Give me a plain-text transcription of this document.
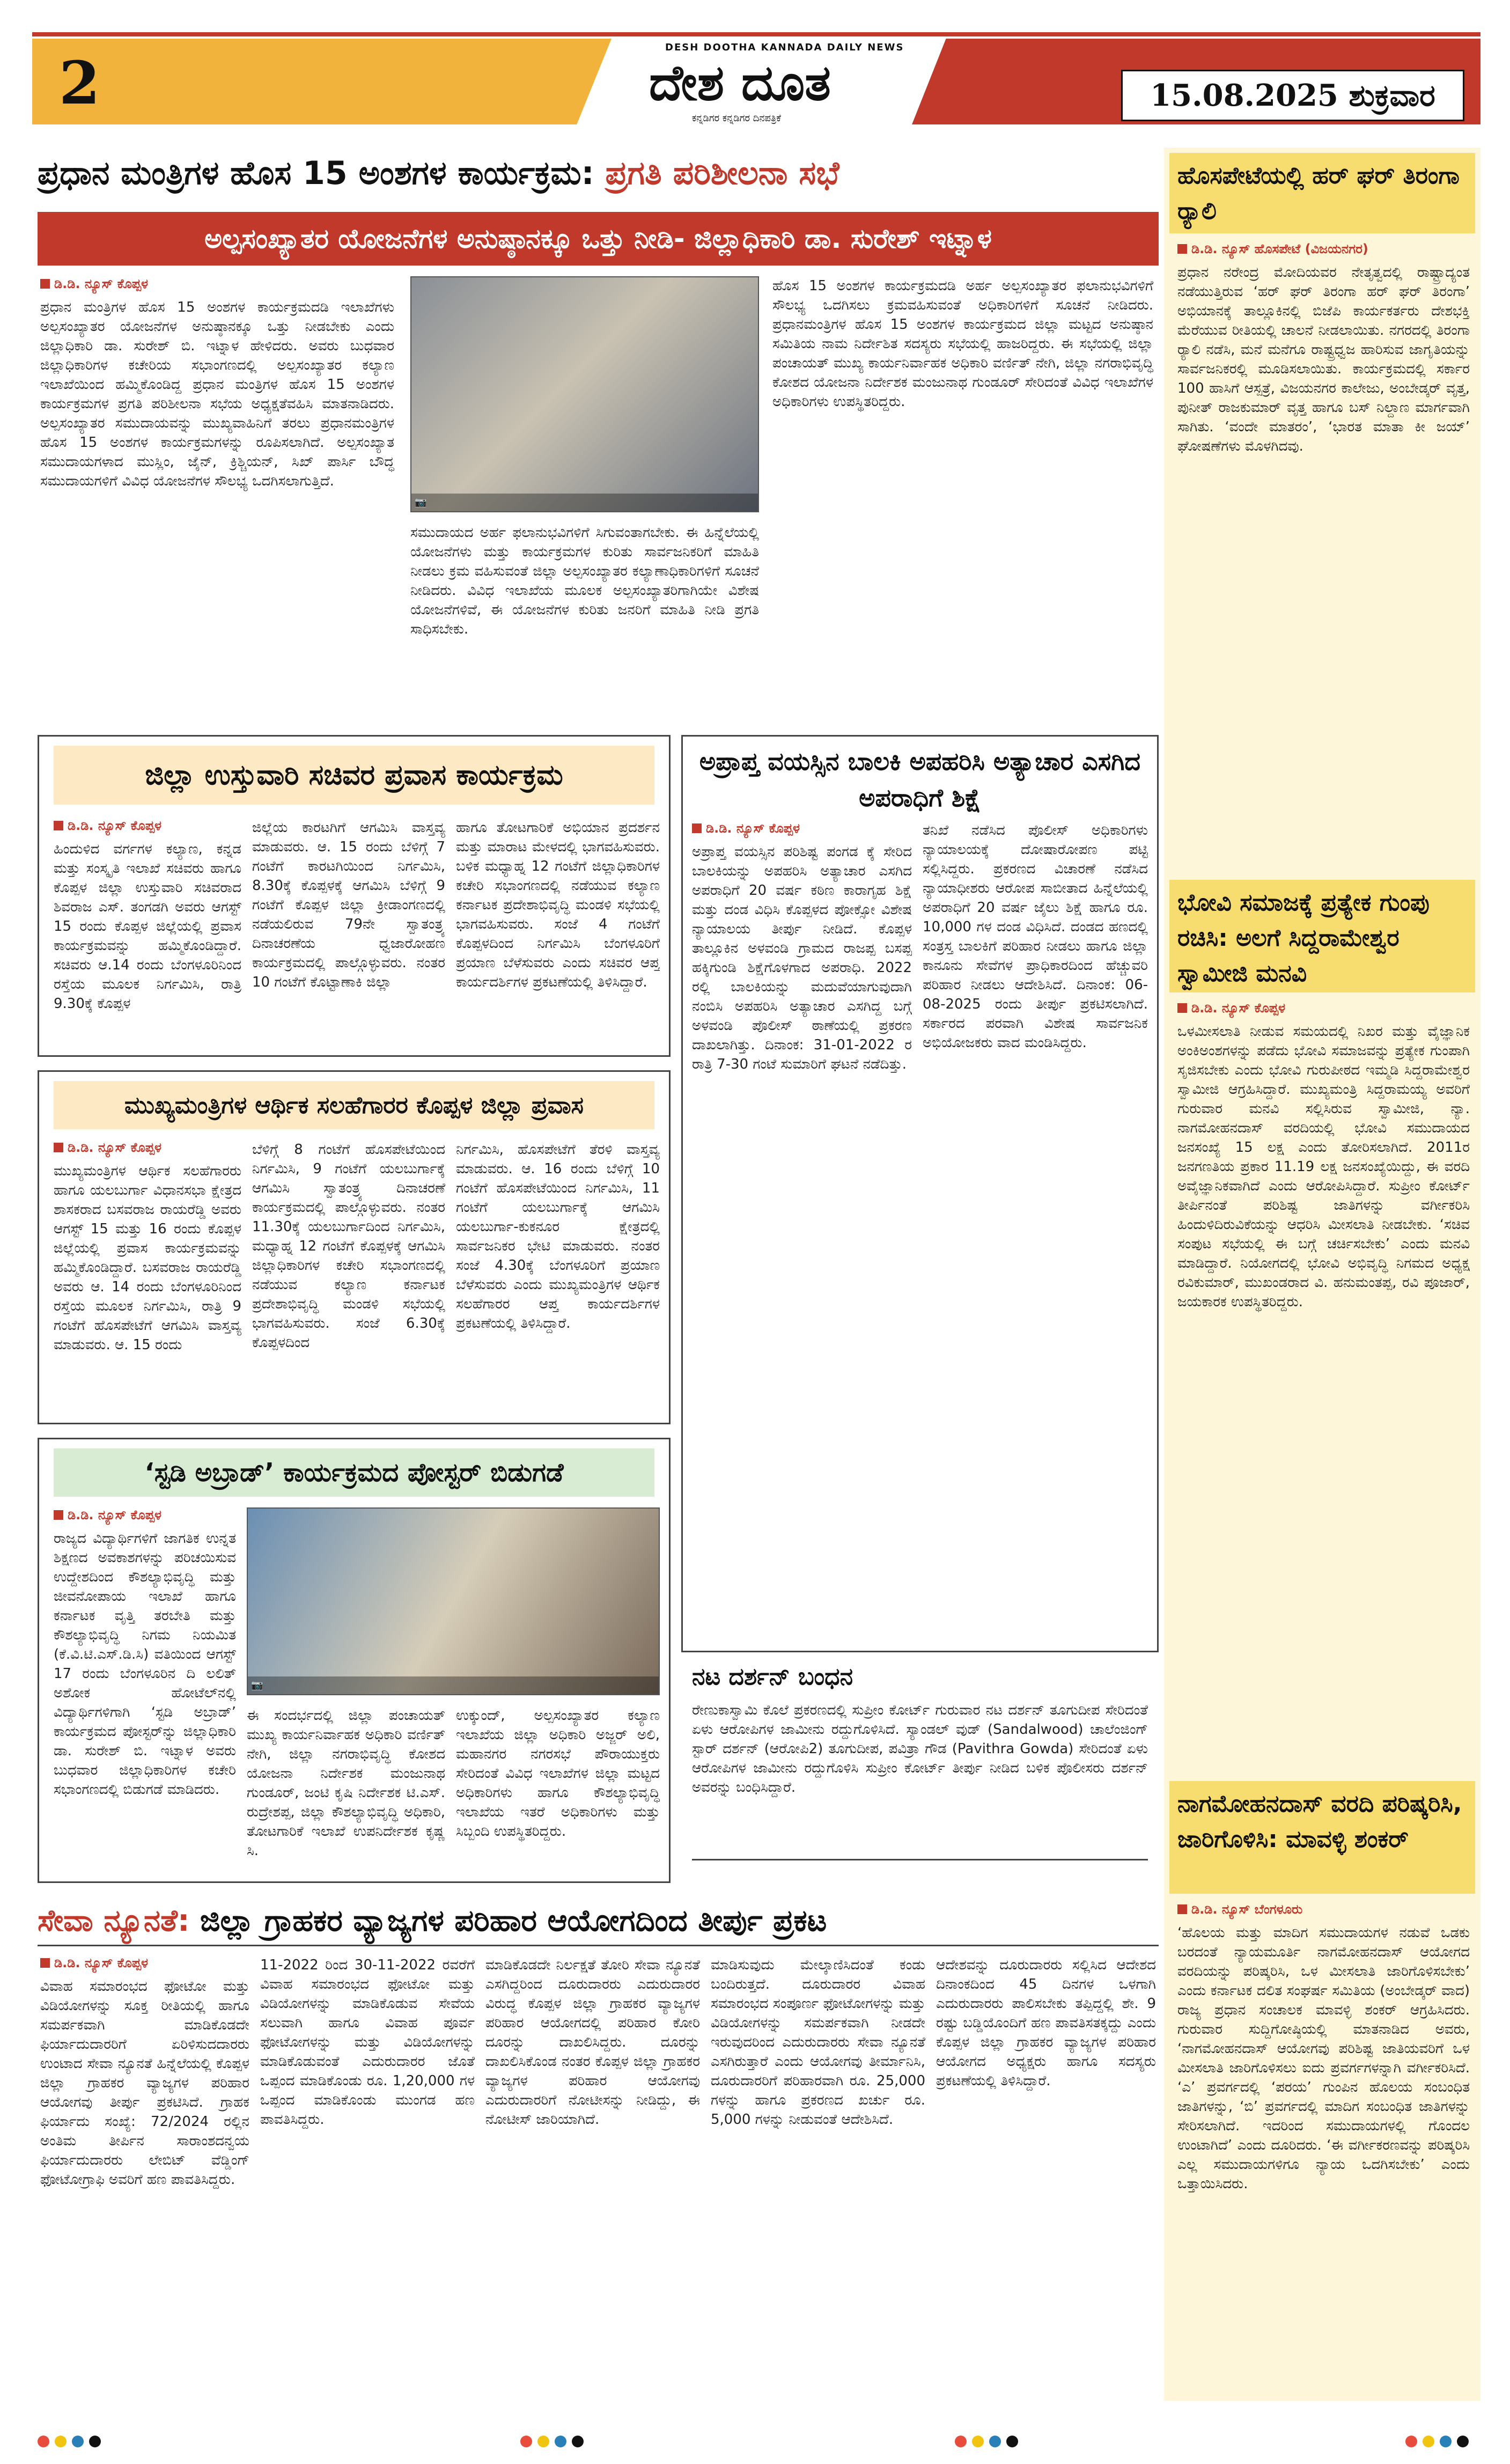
2
DESH DOOTHA KANNADA DAILY NEWS
ದೇಶ ದೂತ
ಕನ್ನಡಿಗರ ಕನ್ನಡಿಗರ ದಿನಪತ್ರಿಕೆ
15.08.2025 ಶುಕ್ರವಾರ
ಪ್ರಧಾನ ಮಂತ್ರಿಗಳ ಹೊಸ 15 ಅಂಶಗಳ ಕಾರ್ಯಕ್ರಮ: ಪ್ರಗತಿ ಪರಿಶೀಲನಾ ಸಭೆ
ಅಲ್ಪಸಂಖ್ಯಾತರ ಯೋಜನೆಗಳ ಅನುಷ್ಠಾನಕ್ಕೂ ಒತ್ತು ನೀಡಿ- ಜಿಲ್ಲಾಧಿಕಾರಿ ಡಾ. ಸುರೇಶ್ ಇಟ್ನಾಳ
ಡಿ.ಡಿ. ನ್ಯೂಸ್ ಕೊಪ್ಪಳ
ಪ್ರಧಾನ ಮಂತ್ರಿಗಳ ಹೊಸ 15 ಅಂಶಗಳ ಕಾರ್ಯಕ್ರಮದಡಿ ಇಲಾಖೆಗಳು ಅಲ್ಪಸಂಖ್ಯಾತರ ಯೋಜನೆಗಳ ಅನುಷ್ಠಾನಕ್ಕೂ ಒತ್ತು ನೀಡಬೇಕು ಎಂದು ಜಿಲ್ಲಾಧಿಕಾರಿ ಡಾ. ಸುರೇಶ್ ಬಿ. ಇಟ್ನಾಳ ಹೇಳಿದರು. ಅವರು ಬುಧವಾರ ಜಿಲ್ಲಾಧಿಕಾರಿಗಳ ಕಚೇರಿಯ ಸಭಾಂಗಣದಲ್ಲಿ ಅಲ್ಪಸಂಖ್ಯಾತರ ಕಲ್ಯಾಣ ಇಲಾಖೆಯಿಂದ ಹಮ್ಮಿಕೊಂಡಿದ್ದ ಪ್ರಧಾನ ಮಂತ್ರಿಗಳ ಹೊಸ 15 ಅಂಶಗಳ ಕಾರ್ಯಕ್ರಮಗಳ ಪ್ರಗತಿ ಪರಿಶೀಲನಾ ಸಭೆಯ ಅಧ್ಯಕ್ಷತೆವಹಿಸಿ ಮಾತನಾಡಿದರು. ಅಲ್ಪಸಂಖ್ಯಾತರ ಸಮುದಾಯವನ್ನು ಮುಖ್ಯವಾಹಿನಿಗೆ ತರಲು ಪ್ರಧಾನಮಂತ್ರಿಗಳ ಹೊಸ 15 ಅಂಶಗಳ ಕಾರ್ಯಕ್ರಮಗಳನ್ನು ರೂಪಿಸಲಾಗಿದೆ. ಅಲ್ಪಸಂಖ್ಯಾತ ಸಮುದಾಯಗಳಾದ ಮುಸ್ಲಿಂ, ಜೈನ್, ಕ್ರಿಶ್ಚಿಯನ್, ಸಿಖ್ ಪಾರ್ಸಿ ಬೌದ್ಧ ಸಮುದಾಯಗಳಿಗೆ ವಿವಿಧ ಯೋಜನೆಗಳ ಸೌಲಭ್ಯ ಒದಗಿಸಲಾಗುತ್ತಿದೆ.
📷
ಸಮುದಾಯದ ಅರ್ಹ ಫಲಾನುಭವಿಗಳಿಗೆ ಸಿಗುವಂತಾಗಬೇಕು. ಈ ಹಿನ್ನೆಲೆಯಲ್ಲಿ ಯೋಜನೆಗಳು ಮತ್ತು ಕಾರ್ಯಕ್ರಮಗಳ ಕುರಿತು ಸಾರ್ವಜನಿಕರಿಗೆ ಮಾಹಿತಿ ನೀಡಲು ಕ್ರಮ ವಹಿಸುವಂತೆ ಜಿಲ್ಲಾ ಅಲ್ಪಸಂಖ್ಯಾತರ ಕಲ್ಯಾಣಾಧಿಕಾರಿಗಳಿಗೆ ಸೂಚನೆ ನೀಡಿದರು. ವಿವಿಧ ಇಲಾಖೆಯ ಮೂಲಕ ಅಲ್ಪಸಂಖ್ಯಾತರಿಗಾಗಿಯೇ ವಿಶೇಷ ಯೋಜನೆಗಳಿವೆ, ಈ ಯೋಜನೆಗಳ ಕುರಿತು ಜನರಿಗೆ ಮಾಹಿತಿ ನೀಡಿ ಪ್ರಗತಿ ಸಾಧಿಸಬೇಕು.
ಹೊಸ 15 ಅಂಶಗಳ ಕಾರ್ಯಕ್ರಮದಡಿ ಅರ್ಹ ಅಲ್ಪಸಂಖ್ಯಾತರ ಫಲಾನುಭವಿಗಳಿಗೆ ಸೌಲಭ್ಯ ಒದಗಿಸಲು ಕ್ರಮವಹಿಸುವಂತೆ ಅಧಿಕಾರಿಗಳಿಗೆ ಸೂಚನೆ ನೀಡಿದರು. ಪ್ರಧಾನಮಂತ್ರಿಗಳ ಹೊಸ 15 ಅಂಶಗಳ ಕಾರ್ಯಕ್ರಮದ ಜಿಲ್ಲಾ ಮಟ್ಟದ ಅನುಷ್ಠಾನ ಸಮಿತಿಯ ನಾಮ ನಿರ್ದೇಶಿತ ಸದಸ್ಯರು ಸಭೆಯಲ್ಲಿ ಹಾಜರಿದ್ದರು. ಈ ಸಭೆಯಲ್ಲಿ ಜಿಲ್ಲಾ ಪಂಚಾಯತ್ ಮುಖ್ಯ ಕಾರ್ಯನಿರ್ವಾಹಕ ಅಧಿಕಾರಿ ವರ್ಣಿತ್ ನೇಗಿ, ಜಿಲ್ಲಾ ನಗರಾಭಿವೃದ್ಧಿ ಕೋಶದ ಯೋಜನಾ ನಿರ್ದೇಶಕ ಮಂಜುನಾಥ ಗುಂಡೂರ್ ಸೇರಿದಂತೆ ವಿವಿಧ ಇಲಾಖೆಗಳ ಅಧಿಕಾರಿಗಳು ಉಪಸ್ಥಿತರಿದ್ದರು.
ಜಿಲ್ಲಾ ಉಸ್ತುವಾರಿ ಸಚಿವರ ಪ್ರವಾಸ ಕಾರ್ಯಕ್ರಮ
ಡಿ.ಡಿ. ನ್ಯೂಸ್ ಕೊಪ್ಪಳ
ಹಿಂದುಳಿದ ವರ್ಗಗಳ ಕಲ್ಯಾಣ, ಕನ್ನಡ ಮತ್ತು ಸಂಸ್ಕೃತಿ ಇಲಾಖೆ ಸಚಿವರು ಹಾಗೂ ಕೊಪ್ಪಳ ಜಿಲ್ಲಾ ಉಸ್ತುವಾರಿ ಸಚಿವರಾದ ಶಿವರಾಜ ಎಸ್. ತಂಗಡಗಿ ಅವರು ಆಗಸ್ಟ್ 15 ರಂದು ಕೊಪ್ಪಳ ಜಿಲ್ಲೆಯಲ್ಲಿ ಪ್ರವಾಸ ಕಾರ್ಯಕ್ರಮವನ್ನು ಹಮ್ಮಿಕೊಂಡಿದ್ದಾರೆ. ಸಚಿವರು ಆ.14 ರಂದು ಬೆಂಗಳೂರಿನಿಂದ ರಸ್ತೆಯ ಮೂಲಕ ನಿರ್ಗಮಿಸಿ, ರಾತ್ರಿ 9.30ಕ್ಕೆ ಕೊಪ್ಪಳ
ಜಿಲ್ಲೆಯ ಕಾರಟಗಿಗೆ ಆಗಮಿಸಿ ವಾಸ್ತವ್ಯ ಮಾಡುವರು. ಆ. 15 ರಂದು ಬೆಳಿಗ್ಗೆ 7 ಗಂಟೆಗೆ ಕಾರಟಗಿಯಿಂದ ನಿರ್ಗಮಿಸಿ, 8.30ಕ್ಕೆ ಕೊಪ್ಪಳಕ್ಕೆ ಆಗಮಿಸಿ ಬೆಳಿಗ್ಗೆ 9 ಗಂಟೆಗೆ ಕೊಪ್ಪಳ ಜಿಲ್ಲಾ ಕ್ರೀಡಾಂಗಣದಲ್ಲಿ ನಡೆಯಲಿರುವ 79ನೇ ಸ್ವಾತಂತ್ರ್ಯ ದಿನಾಚರಣೆಯ ಧ್ವಜಾರೋಹಣ ಕಾರ್ಯಕ್ರಮದಲ್ಲಿ ಪಾಲ್ಗೊಳ್ಳುವರು. ನಂತರ 10 ಗಂಟೆಗೆ ಕೊಟ್ಟಾಣಾಕಿ ಜಿಲ್ಲಾ
ಹಾಗೂ ತೋಟಗಾರಿಕೆ ಅಭಿಯಾನ ಪ್ರದರ್ಶನ ಮತ್ತು ಮಾರಾಟ ಮೇಳದಲ್ಲಿ ಭಾಗವಹಿಸುವರು. ಬಳಿಕ ಮಧ್ಯಾಹ್ನ 12 ಗಂಟೆಗೆ ಜಿಲ್ಲಾಧಿಕಾರಿಗಳ ಕಚೇರಿ ಸಭಾಂಗಣದಲ್ಲಿ ನಡೆಯುವ ಕಲ್ಯಾಣ ಕರ್ನಾಟಕ ಪ್ರದೇಶಾಭಿವೃದ್ಧಿ ಮಂಡಳಿ ಸಭೆಯಲ್ಲಿ ಭಾಗವಹಿಸುವರು. ಸಂಜೆ 4 ಗಂಟೆಗೆ ಕೊಪ್ಪಳದಿಂದ ನಿರ್ಗಮಿಸಿ ಬೆಂಗಳೂರಿಗೆ ಪ್ರಯಾಣ ಬೆಳೆಸುವರು ಎಂದು ಸಚಿವರ ಆಪ್ತ ಕಾರ್ಯದರ್ಶಿಗಳ ಪ್ರಕಟಣೆಯಲ್ಲಿ ತಿಳಿಸಿದ್ದಾರೆ.
ಮುಖ್ಯಮಂತ್ರಿಗಳ ಆರ್ಥಿಕ ಸಲಹೆಗಾರರ ಕೊಪ್ಪಳ ಜಿಲ್ಲಾ ಪ್ರವಾಸ
ಡಿ.ಡಿ. ನ್ಯೂಸ್ ಕೊಪ್ಪಳ
ಮುಖ್ಯಮಂತ್ರಿಗಳ ಆರ್ಥಿಕ ಸಲಹೆಗಾರರು ಹಾಗೂ ಯಲಬುರ್ಗಾ ವಿಧಾನಸಭಾ ಕ್ಷೇತ್ರದ ಶಾಸಕರಾದ ಬಸವರಾಜ ರಾಯರೆಡ್ಡಿ ಅವರು ಆಗಸ್ಟ್ 15 ಮತ್ತು 16 ರಂದು ಕೊಪ್ಪಳ ಜಿಲ್ಲೆಯಲ್ಲಿ ಪ್ರವಾಸ ಕಾರ್ಯಕ್ರಮವನ್ನು ಹಮ್ಮಿಕೊಂಡಿದ್ದಾರೆ. ಬಸವರಾಜ ರಾಯರೆಡ್ಡಿ ಅವರು ಆ. 14 ರಂದು ಬೆಂಗಳೂರಿನಿಂದ ರಸ್ತೆಯ ಮೂಲಕ ನಿರ್ಗಮಿಸಿ, ರಾತ್ರಿ 9 ಗಂಟೆಗೆ ಹೊಸಪೇಟೆಗೆ ಆಗಮಿಸಿ ವಾಸ್ತವ್ಯ ಮಾಡುವರು. ಆ. 15 ರಂದು
ಬೆಳಿಗ್ಗೆ 8 ಗಂಟೆಗೆ ಹೊಸಪೇಟೆಯಿಂದ ನಿರ್ಗಮಿಸಿ, 9 ಗಂಟೆಗೆ ಯಲಬುರ್ಗಾಕ್ಕೆ ಆಗಮಿಸಿ ಸ್ವಾತಂತ್ರ್ಯ ದಿನಾಚರಣೆ ಕಾರ್ಯಕ್ರಮದಲ್ಲಿ ಪಾಲ್ಗೊಳ್ಳುವರು. ನಂತರ 11.30ಕ್ಕೆ ಯಲಬುರ್ಗಾದಿಂದ ನಿರ್ಗಮಿಸಿ, ಮಧ್ಯಾಹ್ನ 12 ಗಂಟೆಗೆ ಕೊಪ್ಪಳಕ್ಕೆ ಆಗಮಿಸಿ ಜಿಲ್ಲಾಧಿಕಾರಿಗಳ ಕಚೇರಿ ಸಭಾಂಗಣದಲ್ಲಿ ನಡೆಯುವ ಕಲ್ಯಾಣ ಕರ್ನಾಟಕ ಪ್ರದೇಶಾಭಿವೃದ್ಧಿ ಮಂಡಳಿ ಸಭೆಯಲ್ಲಿ ಭಾಗವಹಿಸುವರು. ಸಂಜೆ 6.30ಕ್ಕೆ ಕೊಪ್ಪಳದಿಂದ
ನಿರ್ಗಮಿಸಿ, ಹೊಸಪೇಟೆಗೆ ತೆರಳಿ ವಾಸ್ತವ್ಯ ಮಾಡುವರು. ಆ. 16 ರಂದು ಬೆಳಿಗ್ಗೆ 10 ಗಂಟೆಗೆ ಹೊಸಪೇಟೆಯಿಂದ ನಿರ್ಗಮಿಸಿ, 11 ಗಂಟೆಗೆ ಯಲಬುರ್ಗಾಕ್ಕೆ ಆಗಮಿಸಿ ಯಲಬುರ್ಗಾ-ಕುಕನೂರ ಕ್ಷೇತ್ರದಲ್ಲಿ ಸಾರ್ವಜನಿಕರ ಭೇಟಿ ಮಾಡುವರು. ನಂತರ ಸಂಜೆ 4.30ಕ್ಕೆ ಬೆಂಗಳೂರಿಗೆ ಪ್ರಯಾಣ ಬೆಳೆಸುವರು ಎಂದು ಮುಖ್ಯಮಂತ್ರಿಗಳ ಆರ್ಥಿಕ ಸಲಹೆಗಾರರ ಆಪ್ತ ಕಾರ್ಯದರ್ಶಿಗಳ ಪ್ರಕಟಣೆಯಲ್ಲಿ ತಿಳಿಸಿದ್ದಾರೆ.
‘ಸ್ಟಡಿ ಅಬ್ರಾಡ್’ ಕಾರ್ಯಕ್ರಮದ ಪೋಸ್ಟರ್ ಬಿಡುಗಡೆ
ಡಿ.ಡಿ. ನ್ಯೂಸ್ ಕೊಪ್ಪಳ
ರಾಜ್ಯದ ವಿದ್ಯಾರ್ಥಿಗಳಿಗೆ ಜಾಗತಿಕ ಉನ್ನತ ಶಿಕ್ಷಣದ ಅವಕಾಶಗಳನ್ನು ಪರಿಚಯಿಸುವ ಉದ್ದೇಶದಿಂದ ಕೌಶಲ್ಯಾಭಿವೃದ್ಧಿ ಮತ್ತು ಜೀವನೋಪಾಯ ಇಲಾಖೆ ಹಾಗೂ ಕರ್ನಾಟಕ ವೃತ್ತಿ ತರಬೇತಿ ಮತ್ತು ಕೌಶಲ್ಯಾಭಿವೃದ್ಧಿ ನಿಗಮ ನಿಯಮಿತ (ಕೆ.ವಿ.ಟಿ.ಎಸ್.ಡಿ.ಸಿ) ವತಿಯಿಂದ ಆಗಸ್ಟ್ 17 ರಂದು ಬೆಂಗಳೂರಿನ ದಿ ಲಲಿತ್ ಅಶೋಕ ಹೋಟೆಲ್‌ನಲ್ಲಿ ವಿದ್ಯಾರ್ಥಿಗಳಿಗಾಗಿ ‘ಸ್ಟಡಿ ಅಬ್ರಾಡ್’ ಕಾರ್ಯಕ್ರಮದ ಪೋಸ್ಟರ್‌ನ್ನು ಜಿಲ್ಲಾಧಿಕಾರಿ ಡಾ. ಸುರೇಶ್ ಬಿ. ಇಟ್ನಾಳ ಅವರು ಬುಧವಾರ ಜಿಲ್ಲಾಧಿಕಾರಿಗಳ ಕಚೇರಿ ಸಭಾಂಗಣದಲ್ಲಿ ಬಿಡುಗಡೆ ಮಾಡಿದರು.
📷
ಈ ಸಂದರ್ಭದಲ್ಲಿ ಜಿಲ್ಲಾ ಪಂಚಾಯತ್ ಮುಖ್ಯ ಕಾರ್ಯನಿರ್ವಾಹಕ ಅಧಿಕಾರಿ ವರ್ಣಿತ್ ನೇಗಿ, ಜಿಲ್ಲಾ ನಗರಾಭಿವೃದ್ಧಿ ಕೋಶದ ಯೋಜನಾ ನಿರ್ದೇಶಕ ಮಂಜುನಾಥ ಗುಂಡೂರ್, ಜಂಟಿ ಕೃಷಿ ನಿರ್ದೇಶಕ ಟಿ.ಎಸ್. ರುದ್ರೇಶಪ್ಪ, ಜಿಲ್ಲಾ ಕೌಶಲ್ಯಾಭಿವೃದ್ಧಿ ಅಧಿಕಾರಿ, ತೋಟಗಾರಿಕೆ ಇಲಾಖೆ ಉಪನಿರ್ದೇಶಕ ಕೃಷ್ಣ ಸಿ.
ಉಕ್ಕುಂದ್, ಅಲ್ಪಸಂಖ್ಯಾತರ ಕಲ್ಯಾಣ ಇಲಾಖೆಯ ಜಿಲ್ಲಾ ಅಧಿಕಾರಿ ಅಜ್ಜರ್ ಅಲಿ, ಮಹಾನಗರ ನಗರಸಭೆ ಪೌರಾಯುಕ್ತರು ಸೇರಿದಂತೆ ವಿವಿಧ ಇಲಾಖೆಗಳ ಜಿಲ್ಲಾ ಮಟ್ಟದ ಅಧಿಕಾರಿಗಳು ಹಾಗೂ ಕೌಶಲ್ಯಾಭಿವೃದ್ಧಿ ಇಲಾಖೆಯ ಇತರೆ ಅಧಿಕಾರಿಗಳು ಮತ್ತು ಸಿಬ್ಬಂದಿ ಉಪಸ್ಥಿತರಿದ್ದರು.
ಅಪ್ರಾಪ್ತ ವಯಸ್ಸಿನ ಬಾಲಕಿ ಅಪಹರಿಸಿ ಅತ್ಯಾಚಾರ ಎಸಗಿದ ಅಪರಾಧಿಗೆ ಶಿಕ್ಷೆ
ಡಿ.ಡಿ. ನ್ಯೂಸ್ ಕೊಪ್ಪಳ
ಅಪ್ರಾಪ್ತ ವಯಸ್ಸಿನ ಪರಿಶಿಷ್ಟ ಪಂಗಡ ಕ್ಕೆ ಸೇರಿದ ಬಾಲಕಿಯನ್ನು ಅಪಹರಿಸಿ ಅತ್ಯಾಚಾರ ಎಸಗಿದ ಅಪರಾಧಿಗೆ 20 ವರ್ಷ ಕಠಿಣ ಕಾರಾಗೃಹ ಶಿಕ್ಷೆ ಮತ್ತು ದಂಡ ವಿಧಿಸಿ ಕೊಪ್ಪಳದ ಪೋಕ್ಸೋ ವಿಶೇಷ ನ್ಯಾಯಾಲಯ ತೀರ್ಪು ನೀಡಿದೆ. ಕೊಪ್ಪಳ ತಾಲ್ಲೂಕಿನ ಅಳವಂಡಿ ಗ್ರಾಮದ ರಾಜಪ್ಪ ಬಸಪ್ಪ ಹಕ್ಕಿಗುಂಡಿ ಶಿಕ್ಷೆಗೊಳಗಾದ ಅಪರಾಧಿ. 2022 ರಲ್ಲಿ ಬಾಲಕಿಯನ್ನು ಮದುವೆಯಾಗುವುದಾಗಿ ನಂಬಿಸಿ ಅಪಹರಿಸಿ ಅತ್ಯಾಚಾರ ಎಸಗಿದ್ದ ಬಗ್ಗೆ ಅಳವಂಡಿ ಪೊಲೀಸ್ ಠಾಣೆಯಲ್ಲಿ ಪ್ರಕರಣ ದಾಖಲಾಗಿತ್ತು. ದಿನಾಂಕ: 31-01-2022 ರ ರಾತ್ರಿ 7-30 ಗಂಟೆ ಸುಮಾರಿಗೆ ಘಟನೆ ನಡೆದಿತ್ತು.
ತನಿಖೆ ನಡೆಸಿದ ಪೊಲೀಸ್ ಅಧಿಕಾರಿಗಳು ನ್ಯಾಯಾಲಯಕ್ಕೆ ದೋಷಾರೋಪಣ ಪಟ್ಟಿ ಸಲ್ಲಿಸಿದ್ದರು. ಪ್ರಕರಣದ ವಿಚಾರಣೆ ನಡೆಸಿದ ನ್ಯಾಯಾಧೀಶರು ಆರೋಪ ಸಾಬೀತಾದ ಹಿನ್ನೆಲೆಯಲ್ಲಿ ಅಪರಾಧಿಗೆ 20 ವರ್ಷ ಜೈಲು ಶಿಕ್ಷೆ ಹಾಗೂ ರೂ. 10,000 ಗಳ ದಂಡ ವಿಧಿಸಿದೆ. ದಂಡದ ಹಣದಲ್ಲಿ ಸಂತ್ರಸ್ತ ಬಾಲಕಿಗೆ ಪರಿಹಾರ ನೀಡಲು ಹಾಗೂ ಜಿಲ್ಲಾ ಕಾನೂನು ಸೇವೆಗಳ ಪ್ರಾಧಿಕಾರದಿಂದ ಹೆಚ್ಚುವರಿ ಪರಿಹಾರ ನೀಡಲು ಆದೇಶಿಸಿದೆ. ದಿನಾಂಕ: 06-08-2025 ರಂದು ತೀರ್ಪು ಪ್ರಕಟಿಸಲಾಗಿದೆ. ಸರ್ಕಾರದ ಪರವಾಗಿ ವಿಶೇಷ ಸಾರ್ವಜನಿಕ ಅಭಿಯೋಜಕರು ವಾದ ಮಂಡಿಸಿದ್ದರು.
ನಟ ದರ್ಶನ್ ಬಂಧನ
ರೇಣುಕಾಸ್ವಾಮಿ ಕೊಲೆ ಪ್ರಕರಣದಲ್ಲಿ ಸುಪ್ರೀಂ ಕೋರ್ಟ್ ಗುರುವಾರ ನಟ ದರ್ಶನ್ ತೂಗುದೀಪ ಸೇರಿದಂತೆ ಏಳು ಆರೋಪಿಗಳ ಜಾಮೀನು ರದ್ದುಗೊಳಿಸಿದೆ. ಸ್ಯಾಂಡಲ್ ವುಡ್ (Sandalwood) ಚಾಲೆಂಜಿಂಗ್ ಸ್ಟಾರ್ ದರ್ಶನ್ (ಆರೋಪಿ2) ತೂಗುದೀಪ, ಪವಿತ್ರಾ ಗೌಡ (Pavithra Gowda) ಸೇರಿದಂತೆ ಏಳು ಆರೋಪಿಗಳ ಜಾಮೀನು ರದ್ದುಗೊಳಿಸಿ ಸುಪ್ರೀಂ ಕೋರ್ಟ್ ತೀರ್ಪು ನೀಡಿದ ಬಳಿಕ ಪೊಲೀಸರು ದರ್ಶನ್ ಅವರನ್ನು ಬಂಧಿಸಿದ್ದಾರೆ.
ಸೇವಾ ನ್ಯೂನತೆ: ಜಿಲ್ಲಾ ಗ್ರಾಹಕರ ವ್ಯಾಜ್ಯಗಳ ಪರಿಹಾರ ಆಯೋಗದಿಂದ ತೀರ್ಪು ಪ್ರಕಟ
ಡಿ.ಡಿ. ನ್ಯೂಸ್ ಕೊಪ್ಪಳ
ವಿವಾಹ ಸಮಾರಂಭದ ಫೋಟೋ ಮತ್ತು ವಿಡಿಯೋಗಳನ್ನು ಸೂಕ್ತ ರೀತಿಯಲ್ಲಿ ಹಾಗೂ ಸಮರ್ಪಕವಾಗಿ ಮಾಡಿಕೊಡದೇ ಫಿರ್ಯಾದುದಾರರಿಗೆ ಏರಿಳಿಸುದದಾರರು ಉಂಟಾದ ಸೇವಾ ನ್ಯೂನತೆ ಹಿನ್ನೆಲೆಯಲ್ಲಿ ಕೊಪ್ಪಳ ಜಿಲ್ಲಾ ಗ್ರಾಹಕರ ವ್ಯಾಜ್ಯಗಳ ಪರಿಹಾರ ಆಯೋಗವು ತೀರ್ಪು ಪ್ರಕಟಿಸಿದೆ. ಗ್ರಾಹಕ ಫಿರ್ಯಾದು ಸಂಖ್ಯೆ: 72/2024 ರಲ್ಲಿನ ಅಂತಿಮ ತೀರ್ಪಿನ ಸಾರಾಂಶದನ್ವಯ ಫಿರ್ಯಾದುದಾರರು ಲೇಬಿಟ್ ವೆಡ್ಡಿಂಗ್ ಫೋಟೋಗ್ರಾಫಿ ಅವರಿಗೆ ಹಣ ಪಾವತಿಸಿದ್ದರು.
11-2022 ರಿಂದ 30-11-2022 ರವರೆಗೆ ವಿವಾಹ ಸಮಾರಂಭದ ಫೋಟೋ ಮತ್ತು ವಿಡಿಯೋಗಳನ್ನು ಮಾಡಿಕೊಡುವ ಸೇವೆಯ ಸಲುವಾಗಿ ಹಾಗೂ ವಿವಾಹ ಪೂರ್ವ ಫೋಟೋಗಳನ್ನು ಮತ್ತು ವಿಡಿಯೋಗಳನ್ನು ಮಾಡಿಕೊಡುವಂತೆ ಎದುರುದಾರರ ಜೊತೆ ಒಪ್ಪಂದ ಮಾಡಿಕೊಂಡು ರೂ. 1,20,000 ಗಳ ಒಪ್ಪಂದ ಮಾಡಿಕೊಂಡು ಮುಂಗಡ ಹಣ ಪಾವತಿಸಿದ್ದರು.
ಮಾಡಿಕೊಡದೇ ನಿರ್ಲಕ್ಷತೆ ತೋರಿ ಸೇವಾ ನ್ಯೂನತೆ ಎಸಗಿದ್ದರಿಂದ ದೂರುದಾರರು ಎದುರುದಾರರ ವಿರುದ್ಧ ಕೊಪ್ಪಳ ಜಿಲ್ಲಾ ಗ್ರಾಹಕರ ವ್ಯಾಜ್ಯಗಳ ಪರಿಹಾರ ಆಯೋಗದಲ್ಲಿ ಪರಿಹಾರ ಕೋರಿ ದೂರನ್ನು ದಾಖಲಿಸಿದ್ದರು. ದೂರನ್ನು ದಾಖಲಿಸಿಕೊಂಡ ನಂತರ ಕೊಪ್ಪಳ ಜಿಲ್ಲಾ ಗ್ರಾಹಕರ ವ್ಯಾಜ್ಯಗಳ ಪರಿಹಾರ ಆಯೋಗವು ಎದುರುದಾರರಿಗೆ ನೋಟೀಸನ್ನು ನೀಡಿದ್ದು, ಈ ನೋಟೀಸ್ ಜಾರಿಯಾಗಿದೆ.
ಮಾಡಿಸುವುದು ಮೇಲ್ಕಾಣಿಸಿದಂತೆ ಕಂಡು ಬಂದಿರುತ್ತದೆ. ದೂರುದಾರರ ವಿವಾಹ ಸಮಾರಂಭದ ಸಂಪೂರ್ಣ ಫೋಟೋಗಳನ್ನು ಮತ್ತು ವಿಡಿಯೋಗಳನ್ನು ಸಮರ್ಪಕವಾಗಿ ನೀಡದೇ ಇರುವುದರಿಂದ ಎದುರುದಾರರು ಸೇವಾ ನ್ಯೂನತೆ ಎಸಗಿರುತ್ತಾರೆ ಎಂದು ಆಯೋಗವು ತೀರ್ಮಾನಿಸಿ, ದೂರುದಾರರಿಗೆ ಪರಿಹಾರವಾಗಿ ರೂ. 25,000 ಗಳನ್ನು ಹಾಗೂ ಪ್ರಕರಣದ ಖರ್ಚು ರೂ. 5,000 ಗಳನ್ನು ನೀಡುವಂತೆ ಆದೇಶಿಸಿದೆ.
ಆದೇಶವನ್ನು ದೂರುದಾರರು ಸಲ್ಲಿಸಿದ ಆದೇಶದ ದಿನಾಂಕದಿಂದ 45 ದಿನಗಳ ಒಳಗಾಗಿ ಎದುರುದಾರರು ಪಾಲಿಸಬೇಕು ತಪ್ಪಿದ್ದಲ್ಲಿ ಶೇ. 9 ರಷ್ಟು ಬಡ್ಡಿಯೊಂದಿಗೆ ಹಣ ಪಾವತಿಸತಕ್ಕದ್ದು ಎಂದು ಕೊಪ್ಪಳ ಜಿಲ್ಲಾ ಗ್ರಾಹಕರ ವ್ಯಾಜ್ಯಗಳ ಪರಿಹಾರ ಆಯೋಗದ ಅಧ್ಯಕ್ಷರು ಹಾಗೂ ಸದಸ್ಯರು ಪ್ರಕಟಣೆಯಲ್ಲಿ ತಿಳಿಸಿದ್ದಾರೆ.
ಹೊಸಪೇಟೆಯಲ್ಲಿ ಹರ್ ಘರ್ ತಿರಂಗಾ ರ್‍ಯಾಲಿ
ಡಿ.ಡಿ. ನ್ಯೂಸ್ ಹೊಸಪೇಟೆ (ವಿಜಯನಗರ)
ಪ್ರಧಾನ ನರೇಂದ್ರ ಮೋದಿಯವರ ನೇತೃತ್ವದಲ್ಲಿ ರಾಷ್ಟ್ರಾದ್ಯಂತ ನಡೆಯುತ್ತಿರುವ ‘ಹರ್ ಘರ್ ತಿರಂಗಾ ಹರ್ ಘರ್ ತಿರಂಗಾ’ ಅಭಿಯಾನಕ್ಕೆ ತಾಲ್ಲೂಕಿನಲ್ಲಿ ಬಿಜೆಪಿ ಕಾರ್ಯಕರ್ತರು ದೇಶಭಕ್ತಿ ಮೆರೆಯುವ ರೀತಿಯಲ್ಲಿ ಚಾಲನೆ ನೀಡಲಾಯಿತು. ನಗರದಲ್ಲಿ ತಿರಂಗಾ ರ್‍ಯಾಲಿ ನಡೆಸಿ, ಮನೆ ಮನೆಗೂ ರಾಷ್ಟ್ರಧ್ವಜ ಹಾರಿಸುವ ಜಾಗೃತಿಯನ್ನು ಸಾರ್ವಜನಿಕರಲ್ಲಿ ಮೂಡಿಸಲಾಯಿತು. ಕಾರ್ಯಕ್ರಮದಲ್ಲಿ ಸರ್ಕಾರ 100 ಹಾಸಿಗೆ ಆಸ್ಪತ್ರೆ, ವಿಜಯನಗರ ಕಾಲೇಜು, ಅಂಬೇಡ್ಕರ್ ವೃತ್ತ, ಪುನೀತ್ ರಾಜಕುಮಾರ್ ವೃತ್ತ ಹಾಗೂ ಬಸ್ ನಿಲ್ದಾಣ ಮಾರ್ಗವಾಗಿ ಸಾಗಿತು. ‘ವಂದೇ ಮಾತರಂ’, ‘ಭಾರತ ಮಾತಾ ಕೀ ಜಯ್’ ಘೋಷಣೆಗಳು ಮೊಳಗಿದವು.
ಭೋವಿ ಸಮಾಜಕ್ಕೆ ಪ್ರತ್ಯೇಕ ಗುಂಪು ರಚಿಸಿ: ಅಲಗೆ ಸಿದ್ದರಾಮೇಶ್ವರ ಸ್ವಾಮೀಜಿ ಮನವಿ
ಡಿ.ಡಿ. ನ್ಯೂಸ್ ಕೊಪ್ಪಳ
ಒಳಮೀಸಲಾತಿ ನೀಡುವ ಸಮಯದಲ್ಲಿ ನಿಖರ ಮತ್ತು ವೈಜ್ಞಾನಿಕ ಅಂಕಿಅಂಶಗಳನ್ನು ಪಡೆದು ಭೋವಿ ಸಮಾಜವನ್ನು ಪ್ರತ್ಯೇಕ ಗುಂಪಾಗಿ ಸೃಜಿಸಬೇಕು ಎಂದು ಭೋವಿ ಗುರುಪೀಠದ ಇಮ್ಮಡಿ ಸಿದ್ದರಾಮೇಶ್ವರ ಸ್ವಾಮೀಜಿ ಆಗ್ರಹಿಸಿದ್ದಾರೆ. ಮುಖ್ಯಮಂತ್ರಿ ಸಿದ್ದರಾಮಯ್ಯ ಅವರಿಗೆ ಗುರುವಾರ ಮನವಿ ಸಲ್ಲಿಸಿರುವ ಸ್ವಾಮೀಜಿ, ನ್ಯಾ. ನಾಗಮೋಹನದಾಸ್ ವರದಿಯಲ್ಲಿ ಭೋವಿ ಸಮುದಾಯದ ಜನಸಂಖ್ಯೆ 15 ಲಕ್ಷ ಎಂದು ತೋರಿಸಲಾಗಿದೆ. 2011ರ ಜನಗಣತಿಯ ಪ್ರಕಾರ 11.19 ಲಕ್ಷ ಜನಸಂಖ್ಯೆಯಿದ್ದು, ಈ ವರದಿ ಅವೈಜ್ಞಾನಿಕವಾಗಿದೆ ಎಂದು ಆರೋಪಿಸಿದ್ದಾರೆ. ಸುಪ್ರೀಂ ಕೋರ್ಟ್ ತೀರ್ಪಿನಂತೆ ಪರಿಶಿಷ್ಟ ಜಾತಿಗಳನ್ನು ವರ್ಗೀಕರಿಸಿ ಹಿಂದುಳಿದಿರುವಿಕೆಯನ್ನು ಆಧರಿಸಿ ಮೀಸಲಾತಿ ನೀಡಬೇಕು. ‘ಸಚಿವ ಸಂಪುಟ ಸಭೆಯಲ್ಲಿ ಈ ಬಗ್ಗೆ ಚರ್ಚಿಸಬೇಕು’ ಎಂದು ಮನವಿ ಮಾಡಿದ್ದಾರೆ. ನಿಯೋಗದಲ್ಲಿ ಭೋವಿ ಅಭಿವೃದ್ಧಿ ನಿಗಮದ ಅಧ್ಯಕ್ಷ ರವಿಕುಮಾರ್, ಮುಖಂಡರಾದ ವಿ. ಹನುಮಂತಪ್ಪ, ರವಿ ಪೂಜಾರ್, ಜಯಕಾರಕ ಉಪಸ್ಥಿತರಿದ್ದರು.
ನಾಗಮೋಹನದಾಸ್ ವರದಿ ಪರಿಷ್ಕರಿಸಿ, ಜಾರಿಗೊಳಿಸಿ: ಮಾವಳ್ಳಿ ಶಂಕರ್
ಡಿ.ಡಿ. ನ್ಯೂಸ್ ಬೆಂಗಳೂರು
‘ಹೊಲಯ ಮತ್ತು ಮಾದಿಗ ಸಮುದಾಯಗಳ ನಡುವೆ ಒಡಕು ಬರದಂತೆ ನ್ಯಾಯಮೂರ್ತಿ ನಾಗಮೋಹನದಾಸ್ ಆಯೋಗದ ವರದಿಯನ್ನು ಪರಿಷ್ಕರಿಸಿ, ಒಳ ಮೀಸಲಾತಿ ಜಾರಿಗೊಳಿಸಬೇಕು’ ಎಂದು ಕರ್ನಾಟಕ ದಲಿತ ಸಂಘರ್ಷ ಸಮಿತಿಯ (ಅಂಬೇಡ್ಕರ್ ವಾದ) ರಾಜ್ಯ ಪ್ರಧಾನ ಸಂಚಾಲಕ ಮಾವಳ್ಳಿ ಶಂಕರ್ ಆಗ್ರಹಿಸಿದರು. ಗುರುವಾರ ಸುದ್ದಿಗೋಷ್ಠಿಯಲ್ಲಿ ಮಾತನಾಡಿದ ಅವರು, ‘ನಾಗಮೋಹನದಾಸ್ ಆಯೋಗವು ಪರಿಶಿಷ್ಟ ಜಾತಿಯವರಿಗೆ ಒಳ ಮೀಸಲಾತಿ ಜಾರಿಗೊಳಿಸಲು ಐದು ಪ್ರವರ್ಗಗಳನ್ನಾಗಿ ವರ್ಗೀಕರಿಸಿದೆ. ‘ಎ’ ಪ್ರವರ್ಗದಲ್ಲಿ ‘ಪರಯ’ ಗುಂಪಿನ ಹೊಲಯ ಸಂಬಂಧಿತ ಜಾತಿಗಳನ್ನು, ‘ಬಿ’ ಪ್ರವರ್ಗದಲ್ಲಿ ಮಾದಿಗ ಸಂಬಂಧಿತ ಜಾತಿಗಳನ್ನು ಸೇರಿಸಲಾಗಿದೆ. ಇದರಿಂದ ಸಮುದಾಯಗಳಲ್ಲಿ ಗೊಂದಲ ಉಂಟಾಗಿದೆ’ ಎಂದು ದೂರಿದರು. ‘ಈ ವರ್ಗೀಕರಣವನ್ನು ಪರಿಷ್ಕರಿಸಿ ಎಲ್ಲ ಸಮುದಾಯಗಳಿಗೂ ನ್ಯಾಯ ಒದಗಿಸಬೇಕು’ ಎಂದು ಒತ್ತಾಯಿಸಿದರು.
